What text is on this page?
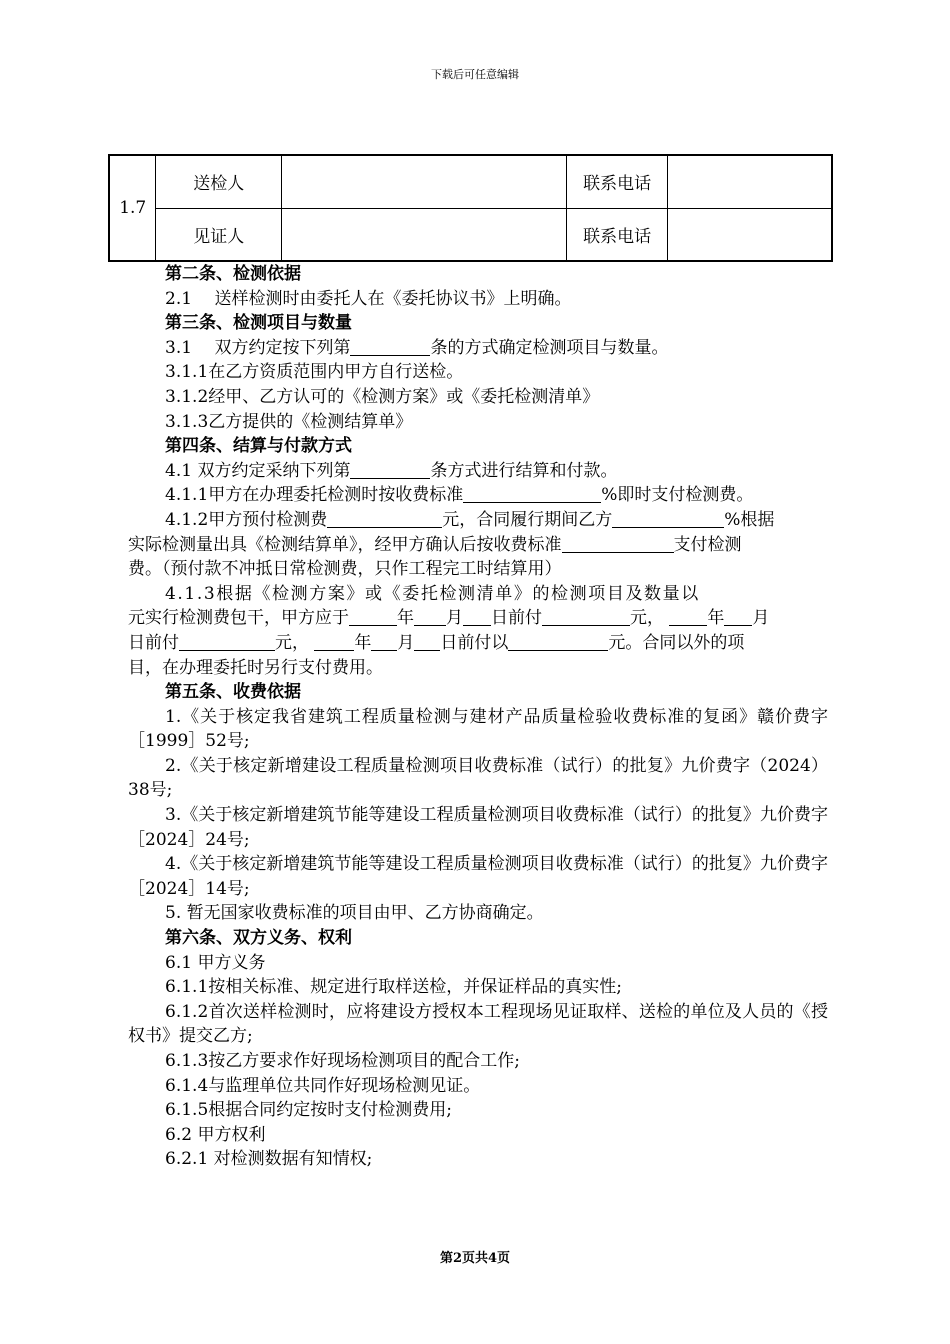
下载后可任意编辑
1.7	送检人		联系电话	
	见证人		联系电话	

第二条、检测依据

2.1　 送样检测时由委托人在《委托协议书》上明确。

第三条、检测项目与数量

3.1　 双方约定按下列第	条的方式确定检测项目与数量。

3.1.1在乙方资质范围内甲方自行送检。

3.1.2经甲、乙方认可的《检测方案》或《委托检测清单》

3.1.3乙方提供的《检测结算单》

第四条、结算与付款方式

4.1 双方约定采纳下列第	条方式进行结算和付款。

4.1.1甲方在办理委托检测时按收费标准	%即时支付检测费。

4.1.2甲方预付检测费	元，合同履行期间乙方	%根据

实际检测量出具《检测结算单》，经甲方确认后按收费标准	支付检测

费。（预付款不冲抵日常检测费，只作工程完工时结算用）

4.1.3根据《检测方案》或《委托检测清单》的检测项目及数量以

元实行检测费包干，甲方应于	年 月 日前付	元，	年 月

日前付	元，	年 月 日前付以	元。合同以外的项

目，在办理委托时另行支付费用。

第五条、收费依据

1.《关于核定我省建筑工程质量检测与建材产品质量检验收费标准的复函》赣价费字［1999］52号;

2.《关于核定新增建设工程质量检测项目收费标准（试行）的批复》九价费字（2024）38号;

3.《关于核定新增建筑节能等建设工程质量检测项目收费标准（试行）的批复》九价费字［2024］24号;

4.《关于核定新增建筑节能等建设工程质量检测项目收费标准（试行）的批复》九价费字［2024］14号;

5. 暂无国家收费标准的项目由甲、乙方协商确定。

第六条、双方义务、权利

6.1 甲方义务

6.1.1按相关标准、规定进行取样送检，并保证样品的真实性;

6.1.2首次送样检测时，应将建设方授权本工程现场见证取样、送检的单位及人员的《授权书》提交乙方;

6.1.3按乙方要求作好现场检测项目的配合工作;

6.1.4与监理单位共同作好现场检测见证。

6.1.5根据合同约定按时支付检测费用;

6.2 甲方权利

6.2.1 对检测数据有知情权;

第2页共4页
